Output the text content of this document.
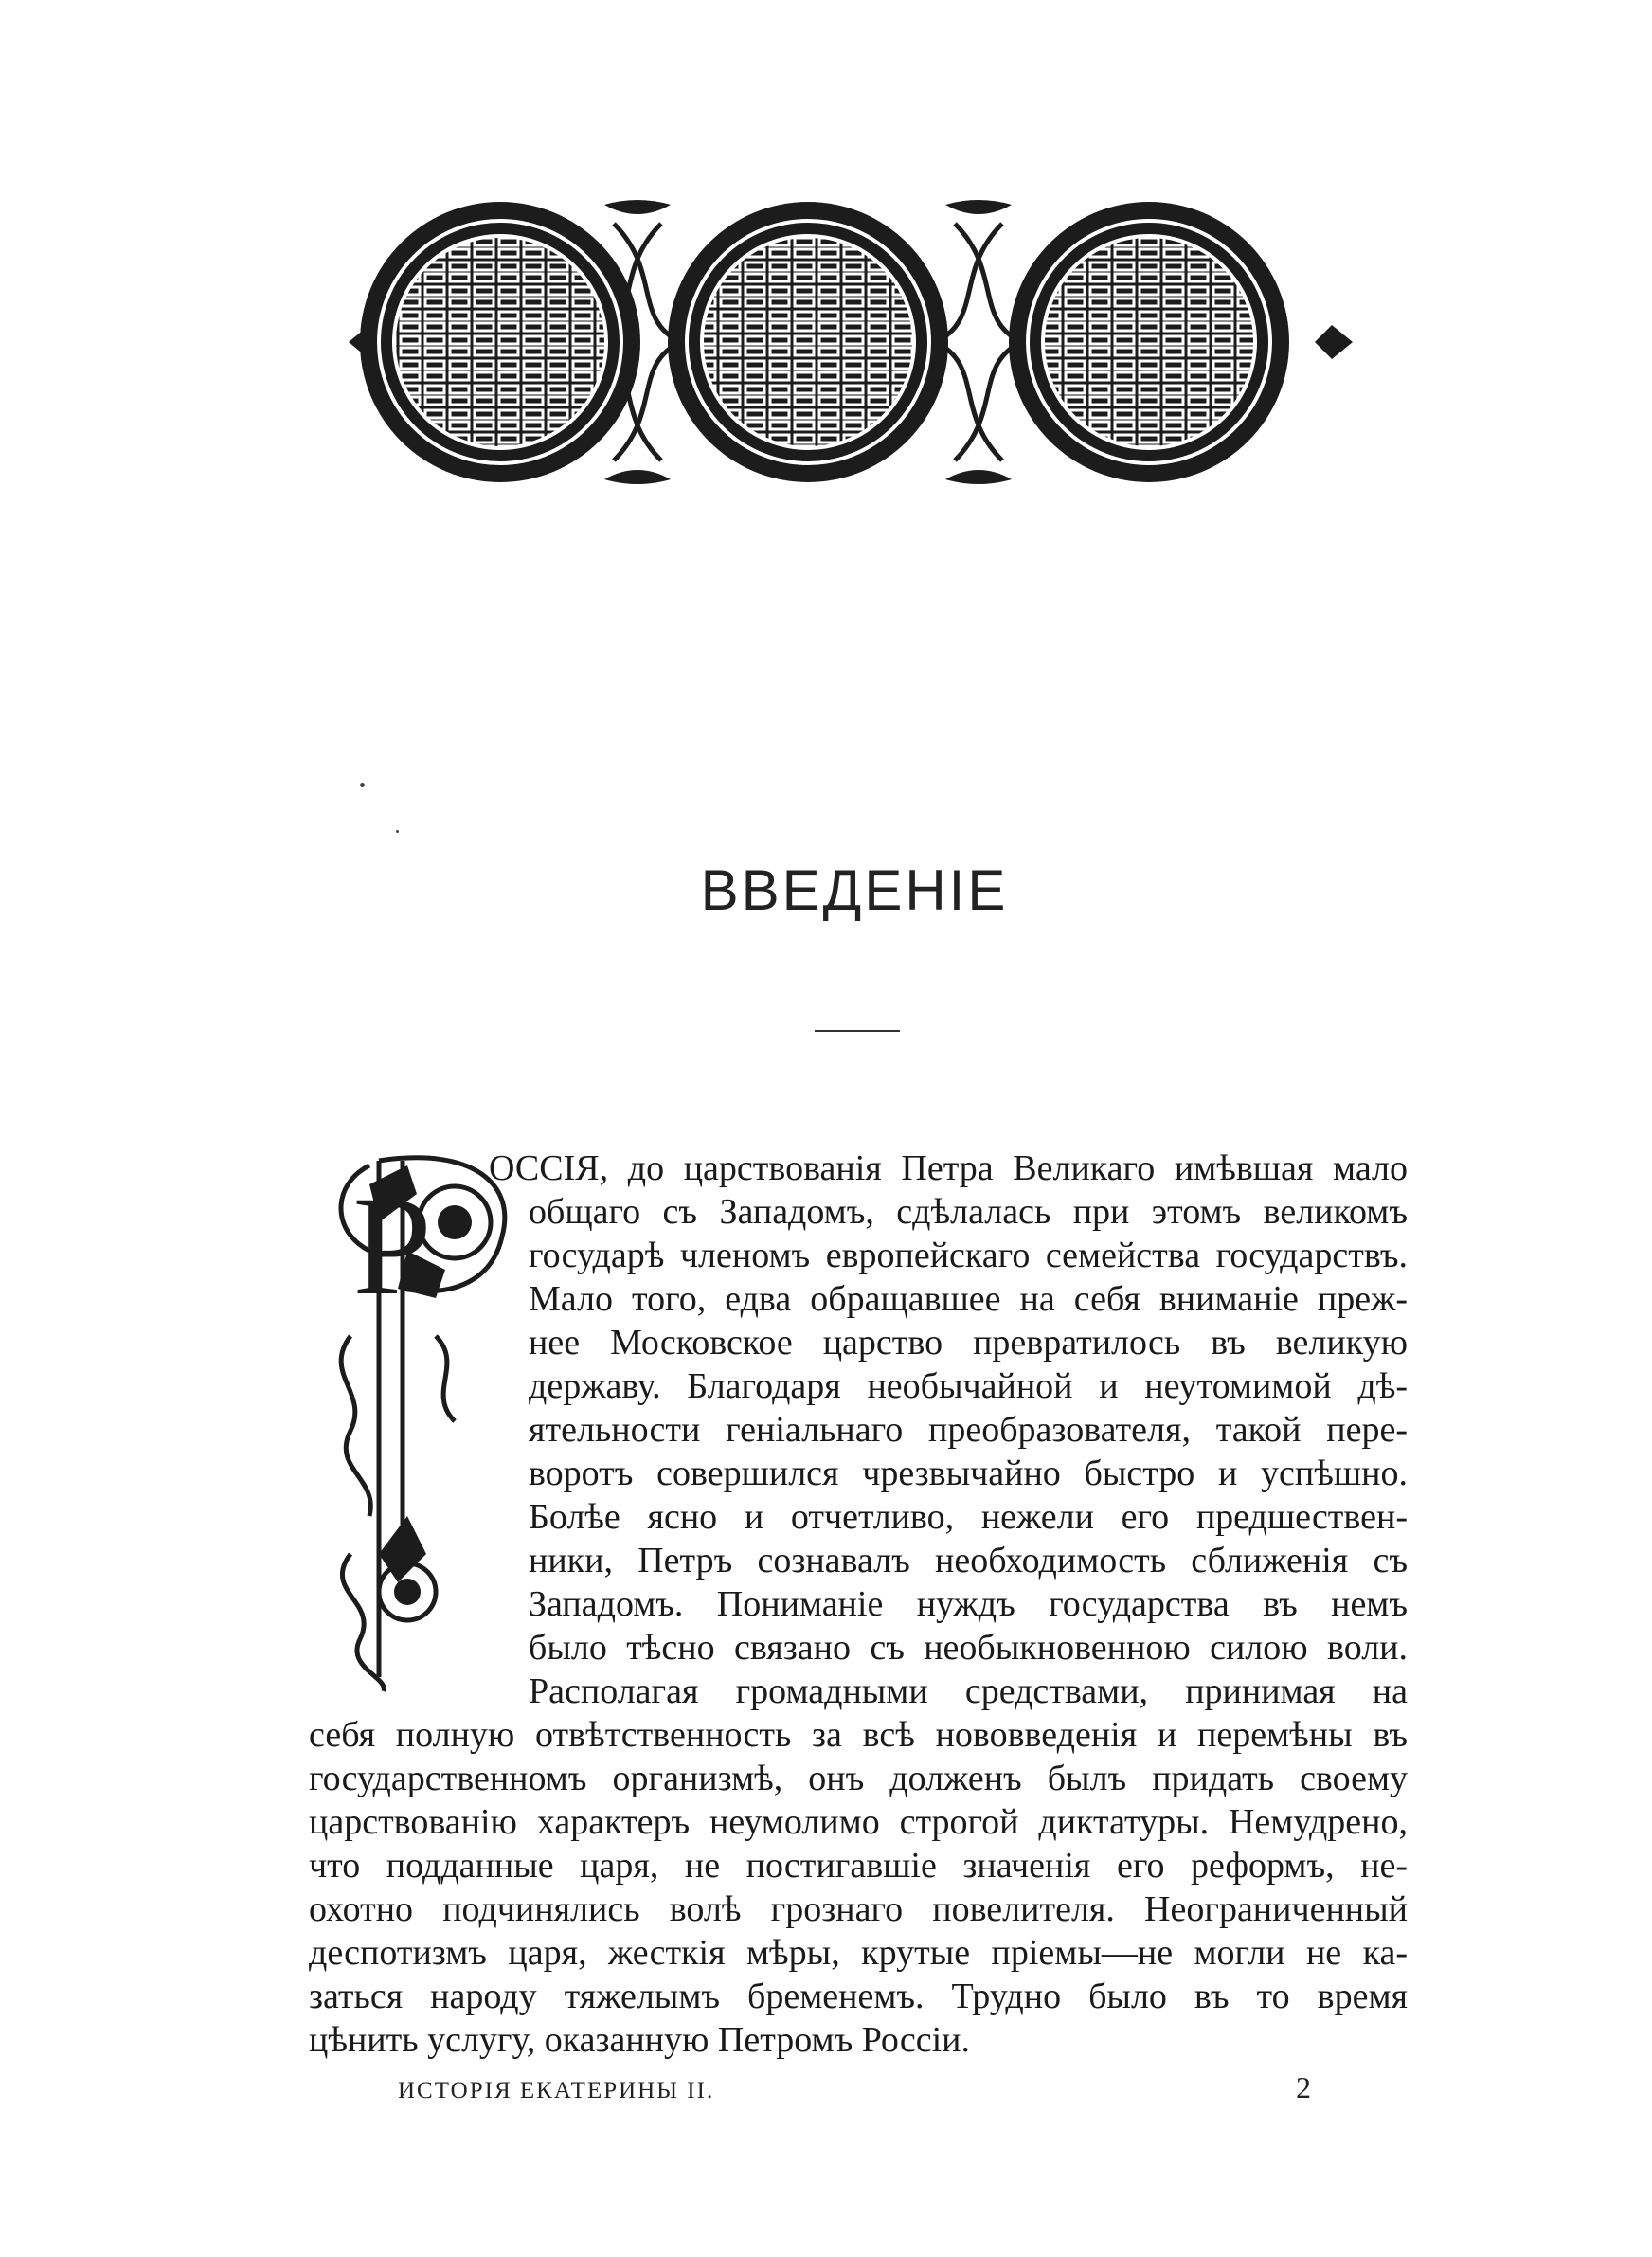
ВВЕДЕНІЕ
Р	ОССІЯ, до царствованія Петра Великаго имѣвшая мало
общаго съ Западомъ, сдѣлалась при этомъ великомъ
государѣ членомъ европейскаго семейства государствъ.
Мало того, едва обращавшее на себя вниманіе преж-
нее Московское царство превратилось въ великую
державу. Благодаря необычайной и неутомимой дѣ-
ятельности геніальнаго преобразователя, такой пере-
воротъ совершился чрезвычайно быстро и успѣшно.
Болѣе ясно и отчетливо, нежели его предшествен-
ники, Петръ сознавалъ необходимость сближенія съ
Западомъ. Пониманіе нуждъ государства въ немъ
было тѣсно связано съ необыкновенною силою воли.
Располагая громадными средствами, принимая на
себя полную отвѣтственность за всѣ нововведенія и перемѣны въ
государственномъ организмѣ, онъ долженъ былъ придать своему
царствованію характеръ неумолимо строгой диктатуры. Немудрено,
что подданные царя, не постигавшіе значенія его реформъ, не-
охотно подчинялись волѣ грознаго повелителя. Неограниченный
деспотизмъ царя, жесткія мѣры, крутые пріемы—не могли не ка-
заться народу тяжелымъ бременемъ. Трудно было въ то время
цѣнить услугу, оказанную Петромъ Россіи.
ИСТОРІЯ ЕКАТЕРИНЫ II.	2
